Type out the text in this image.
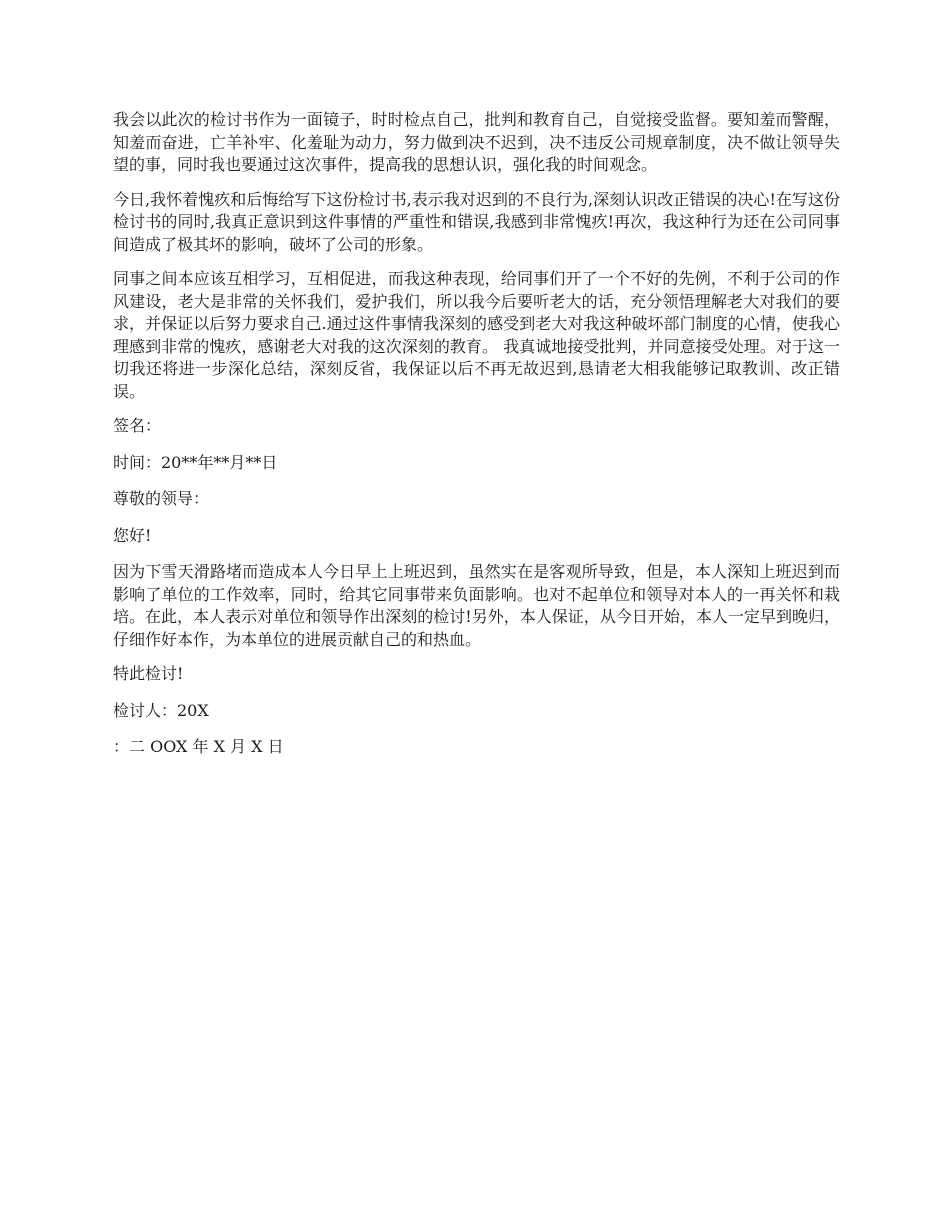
我会以此次的检讨书作为一面镜子，时时检点自己，批判和教育自己，自觉接受监督。要知羞而警醒，知羞而奋进，亡羊补牢、化羞耻为动力，努力做到决不迟到，决不违反公司规章制度，决不做让领导失望的事，同时我也要通过这次事件，提高我的思想认识，强化我的时间观念。

今日,我怀着愧疚和后悔给写下这份检讨书,表示我对迟到的不良行为,深刻认识改正错误的决心!在写这份检讨书的同时,我真正意识到这件事情的严重性和错误,我感到非常愧疚!再次，我这种行为还在公司同事间造成了极其坏的影响，破坏了公司的形象。

同事之间本应该互相学习，互相促进，而我这种表现，给同事们开了一个不好的先例，不利于公司的作风建设，老大是非常的关怀我们，爱护我们，所以我今后要听老大的话，充分领悟理解老大对我们的要求，并保证以后努力要求自己.通过这件事情我深刻的感受到老大对我这种破坏部门制度的心情，使我心理感到非常的愧疚，感谢老大对我的这次深刻的教育。 我真诚地接受批判，并同意接受处理。对于这一切我还将进一步深化总结，深刻反省，我保证以后不再无故迟到,恳请老大相我能够记取教训、改正错误。

签名：

时间：20**年**月**日

尊敬的领导：

您好!

因为下雪天滑路堵而造成本人今日早上上班迟到，虽然实在是客观所导致，但是，本人深知上班迟到而影响了单位的工作效率，同时，给其它同事带来负面影响。也对不起单位和领导对本人的一再关怀和栽培。在此，本人表示对单位和领导作出深刻的检讨!另外，本人保证，从今日开始，本人一定早到晚归，仔细作好本作，为本单位的进展贡献自己的和热血。

特此检讨!

检讨人：20X

：二 OOX 年 X 月 X 日
